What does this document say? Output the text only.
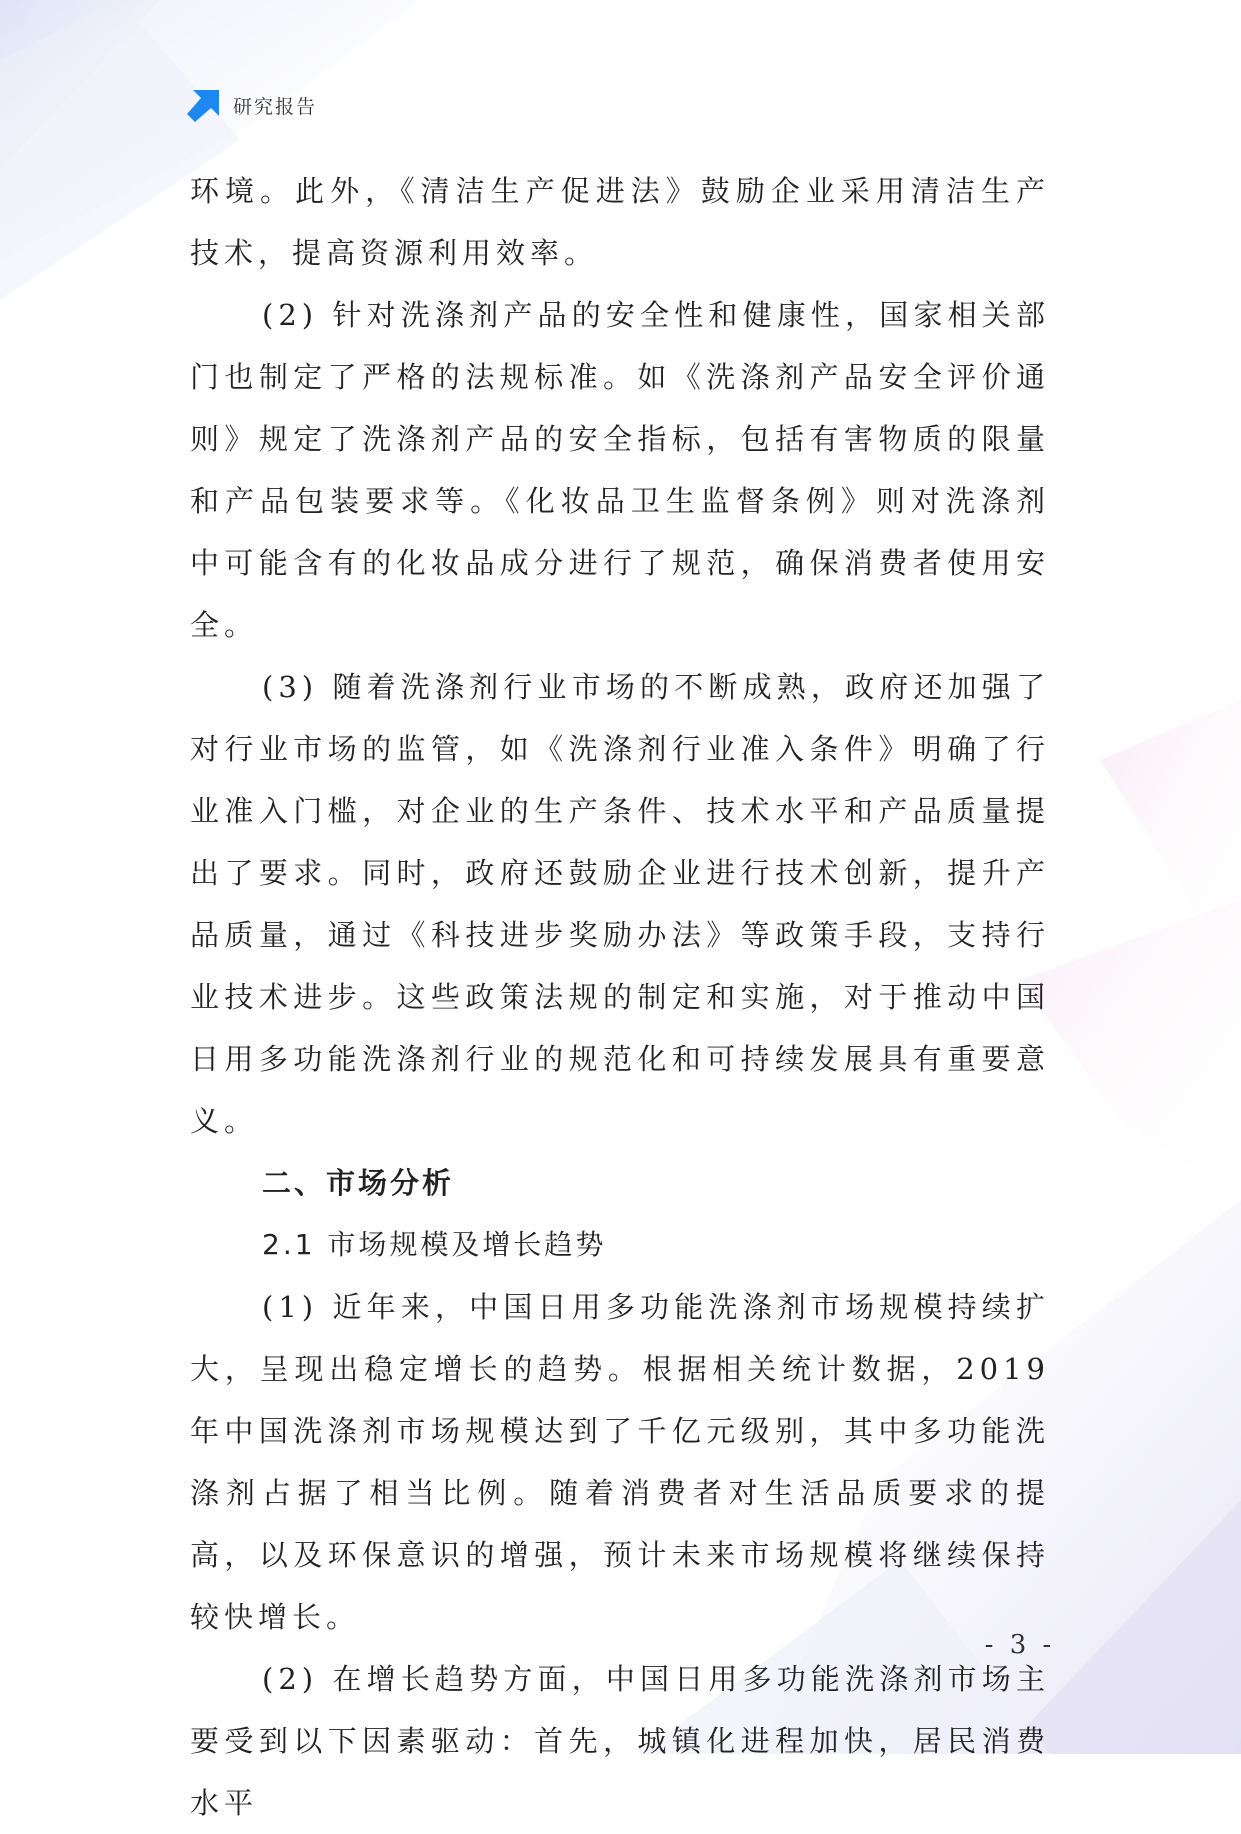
研究报告

环境。此外，《清洁生产促进法》鼓励企业采用清洁生产技术，提高资源利用效率。

(2) 针对洗涤剂产品的安全性和健康性，国家相关部门也制定了严格的法规标准。如《洗涤剂产品安全评价通则》规定了洗涤剂产品的安全指标，包括有害物质的限量和产品包装要求等。《化妆品卫生监督条例》则对洗涤剂中可能含有的化妆品成分进行了规范，确保消费者使用安全。

(3) 随着洗涤剂行业市场的不断成熟，政府还加强了对行业市场的监管，如《洗涤剂行业准入条件》明确了行业准入门槛，对企业的生产条件、技术水平和产品质量提出了要求。同时，政府还鼓励企业进行技术创新，提升产品质量，通过《科技进步奖励办法》等政策手段，支持行业技术进步。这些政策法规的制定和实施，对于推动中国日用多功能洗涤剂行业的规范化和可持续发展具有重要意义。

二、市场分析
2.1 市场规模及增长趋势

(1) 近年来，中国日用多功能洗涤剂市场规模持续扩大，呈现出稳定增长的趋势。根据相关统计数据，2019 年中国洗涤剂市场规模达到了千亿元级别，其中多功能洗涤剂占据了相当比例。随着消费者对生活品质要求的提高，以及环保意识的增强，预计未来市场规模将继续保持较快增长。

(2) 在增长趋势方面，中国日用多功能洗涤剂市场主要受到以下因素驱动：首先，城镇化进程加快，居民消费水平

- 3 -
